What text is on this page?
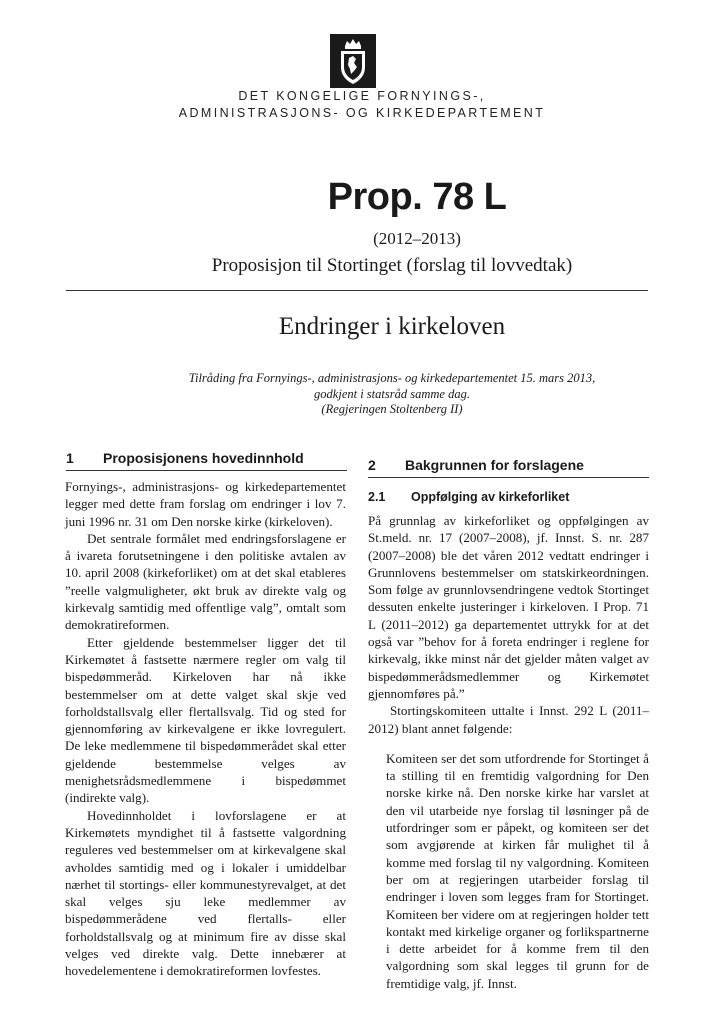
DET KONGELIGE FORNYINGS-,
ADMINISTRASJONS- OG KIRKEDEPARTEMENT
Prop. 78 L
(2012–2013)
Proposisjon til Stortinget (forslag til lovvedtak)
Endringer i kirkeloven
Tilråding fra Fornyings-, administrasjons- og kirkedepartementet 15. mars 2013,
godkjent i statsråd samme dag.
(Regjeringen Stoltenberg II)
1 Proposisjonens hovedinnhold

Fornyings-, administrasjons- og kirkedepartementet legger med dette fram forslag om endringer i lov 7. juni 1996 nr. 31 om Den norske kirke (kirkeloven).

Det sentrale formålet med endringsforslagene er å ivareta forutsetningene i den politiske avtalen av 10. april 2008 (kirkeforliket) om at det skal etableres ”reelle valgmuligheter, økt bruk av direkte valg og kirkevalg samtidig med offentlige valg”, omtalt som demokratireformen.

Etter gjeldende bestemmelser ligger det til Kirkemøtet å fastsette nærmere regler om valg til bispedømmeråd. Kirkeloven har nå ikke bestemmelser om at dette valget skal skje ved forholdstallsvalg eller flertallsvalg. Tid og sted for gjennomføring av kirkevalgene er ikke lovregulert. De leke medlemmene til bispedømmerådet skal etter gjeldende bestemmelse velges av menighetsrådsmedlemmene i bispedømmet (indirekte valg).

Hovedinnholdet i lovforslagene er at Kirkemøtets myndighet til å fastsette valgordning reguleres ved bestemmelser om at kirkevalgene skal avholdes samtidig med og i lokaler i umiddelbar nærhet til stortings- eller kommunestyrevalget, at det skal velges sju leke medlemmer av bispedømmerådene ved flertalls- eller forholdstallsvalg og at minimum fire av disse skal velges ved direkte valg. Dette innebærer at hovedelementene i demokratireformen lovfestes.

2 Bakgrunnen for forslagene
2.1 Oppfølging av kirkeforliket

På grunnlag av kirkeforliket og oppfølgingen av St.meld. nr. 17 (2007–2008), jf. Innst. S. nr. 287 (2007–2008) ble det våren 2012 vedtatt endringer i Grunnlovens bestemmelser om statskirkeordningen. Som følge av grunnlovsendringene vedtok Stortinget dessuten enkelte justeringer i kirkeloven. I Prop. 71 L (2011–2012) ga departementet uttrykk for at det også var ”behov for å foreta endringer i reglene for kirkevalg, ikke minst når det gjelder måten valget av bispedømmerådsmedlemmer og Kirkemøtet gjennomføres på.”

Stortingskomiteen uttalte i Innst. 292 L (2011–2012) blant annet følgende:

Komiteen ser det som utfordrende for Stortinget å ta stilling til en fremtidig valgordning for Den norske kirke nå. Den norske kirke har varslet at den vil utarbeide nye forslag til løsninger på de utfordringer som er påpekt, og komiteen ser det som avgjørende at kirken får mulighet til å komme med forslag til ny valgordning. Komiteen ber om at regjeringen utarbeider forslag til endringer i loven som legges fram for Stortinget. Komiteen ber videre om at regjeringen holder tett kontakt med kirkelige organer og forlikspartnerne i dette arbeidet for å komme frem til den valgordning som skal legges til grunn for de fremtidige valg, jf. Innst.
